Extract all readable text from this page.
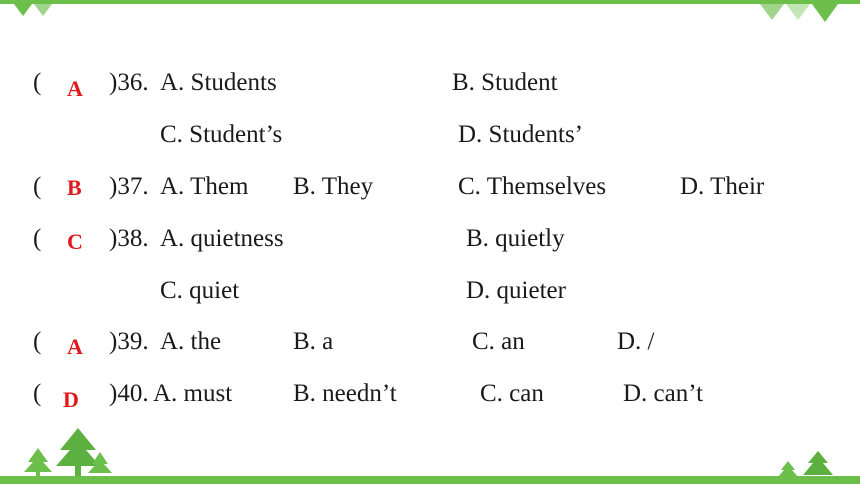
( A )36. A. Students	B. Student
C. Student’s	D. Students’
( B )37. A. Them B. They	C. Themselves	D. Their
( C )38. A. quietness	B. quietly
C. quiet	D. quieter
( A )39. A. the	B. a	C. an	D. /
( D )40. A. must B. needn’t	C. can	D. can’t
